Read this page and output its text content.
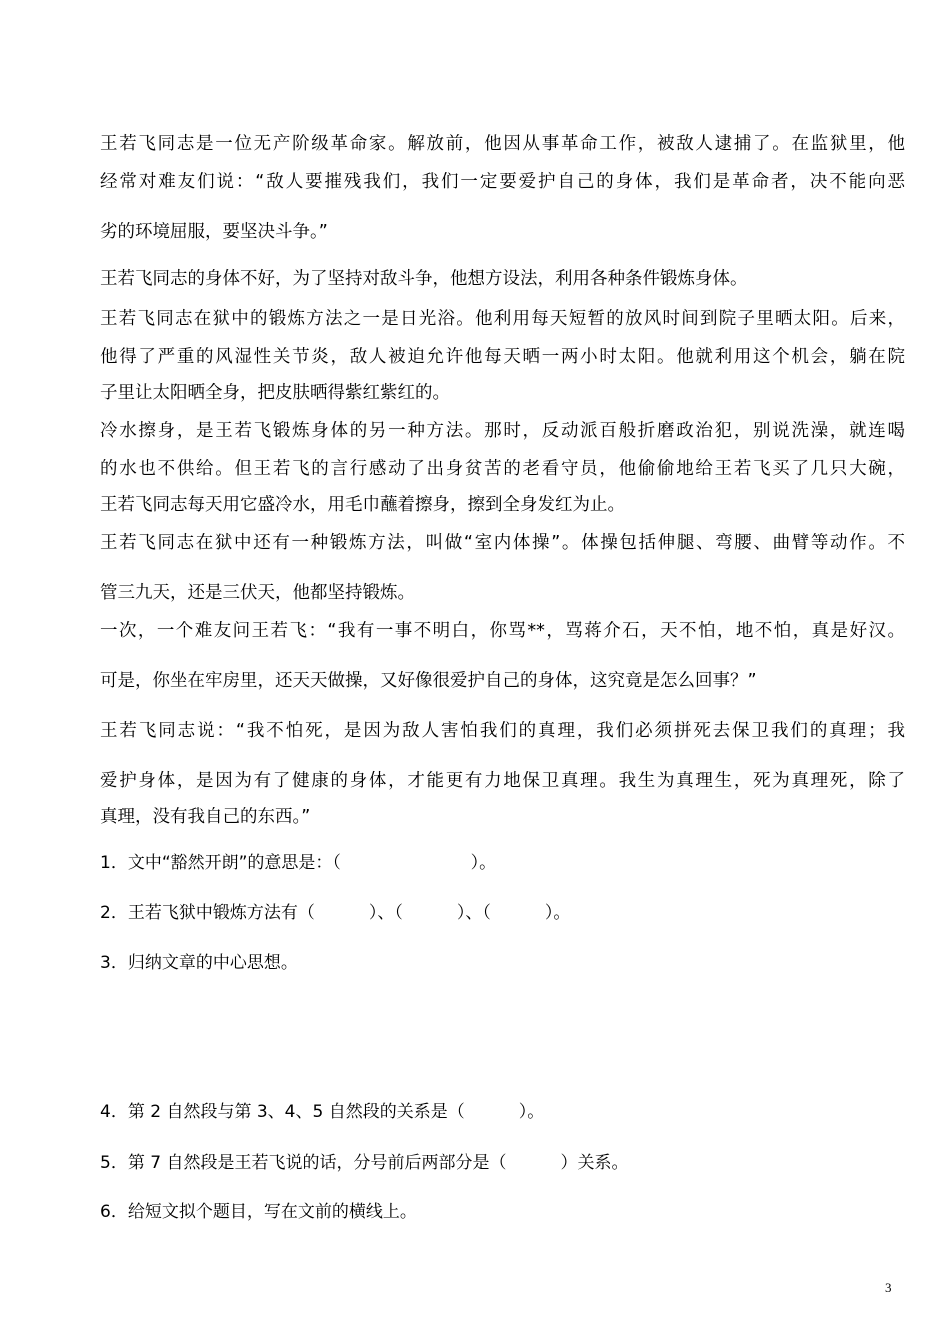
王若飞同志是一位无产阶级革命家。解放前，他因从事革命工作，被敌人逮捕了。在监狱里，他
经常对难友们说：“敌人要摧残我们，我们一定要爱护自己的身体，我们是革命者，决不能向恶
劣的环境屈服，要坚决斗争。”
王若飞同志的身体不好，为了坚持对敌斗争，他想方设法，利用各种条件锻炼身体。
王若飞同志在狱中的锻炼方法之一是日光浴。他利用每天短暂的放风时间到院子里晒太阳。后来，
他得了严重的风湿性关节炎，敌人被迫允许他每天晒一两小时太阳。他就利用这个机会，躺在院
子里让太阳晒全身，把皮肤晒得紫红紫红的。
冷水擦身，是王若飞锻炼身体的另一种方法。那时，反动派百般折磨政治犯，别说洗澡，就连喝
的水也不供给。但王若飞的言行感动了出身贫苦的老看守员，他偷偷地给王若飞买了几只大碗，
王若飞同志每天用它盛冷水，用毛巾蘸着擦身，擦到全身发红为止。
王若飞同志在狱中还有一种锻炼方法，叫做“室内体操”。体操包括伸腿、弯腰、曲臂等动作。不
管三九天，还是三伏天，他都坚持锻炼。
一次，一个难友问王若飞：“我有一事不明白，你骂**，骂蒋介石，天不怕，地不怕，真是好汉。
可是，你坐在牢房里，还天天做操，又好像很爱护自己的身体，这究竟是怎么回事？”
王若飞同志说：“我不怕死，是因为敌人害怕我们的真理，我们必须拼死去保卫我们的真理；我
爱护身体，是因为有了健康的身体，才能更有力地保卫真理。我生为真理生，死为真理死，除了
真理，没有我自己的东西。”
1．文中“豁然开朗”的意思是：（                        ）。
2．王若飞狱中锻炼方法有（          ）、（          ）、（          ）。
3．归纳文章的中心思想。
4．第 2 自然段与第 3、4、5 自然段的关系是（          ）。
5．第 7 自然段是王若飞说的话，分号前后两部分是（          ）关系。
6．给短文拟个题目，写在文前的横线上。
3
